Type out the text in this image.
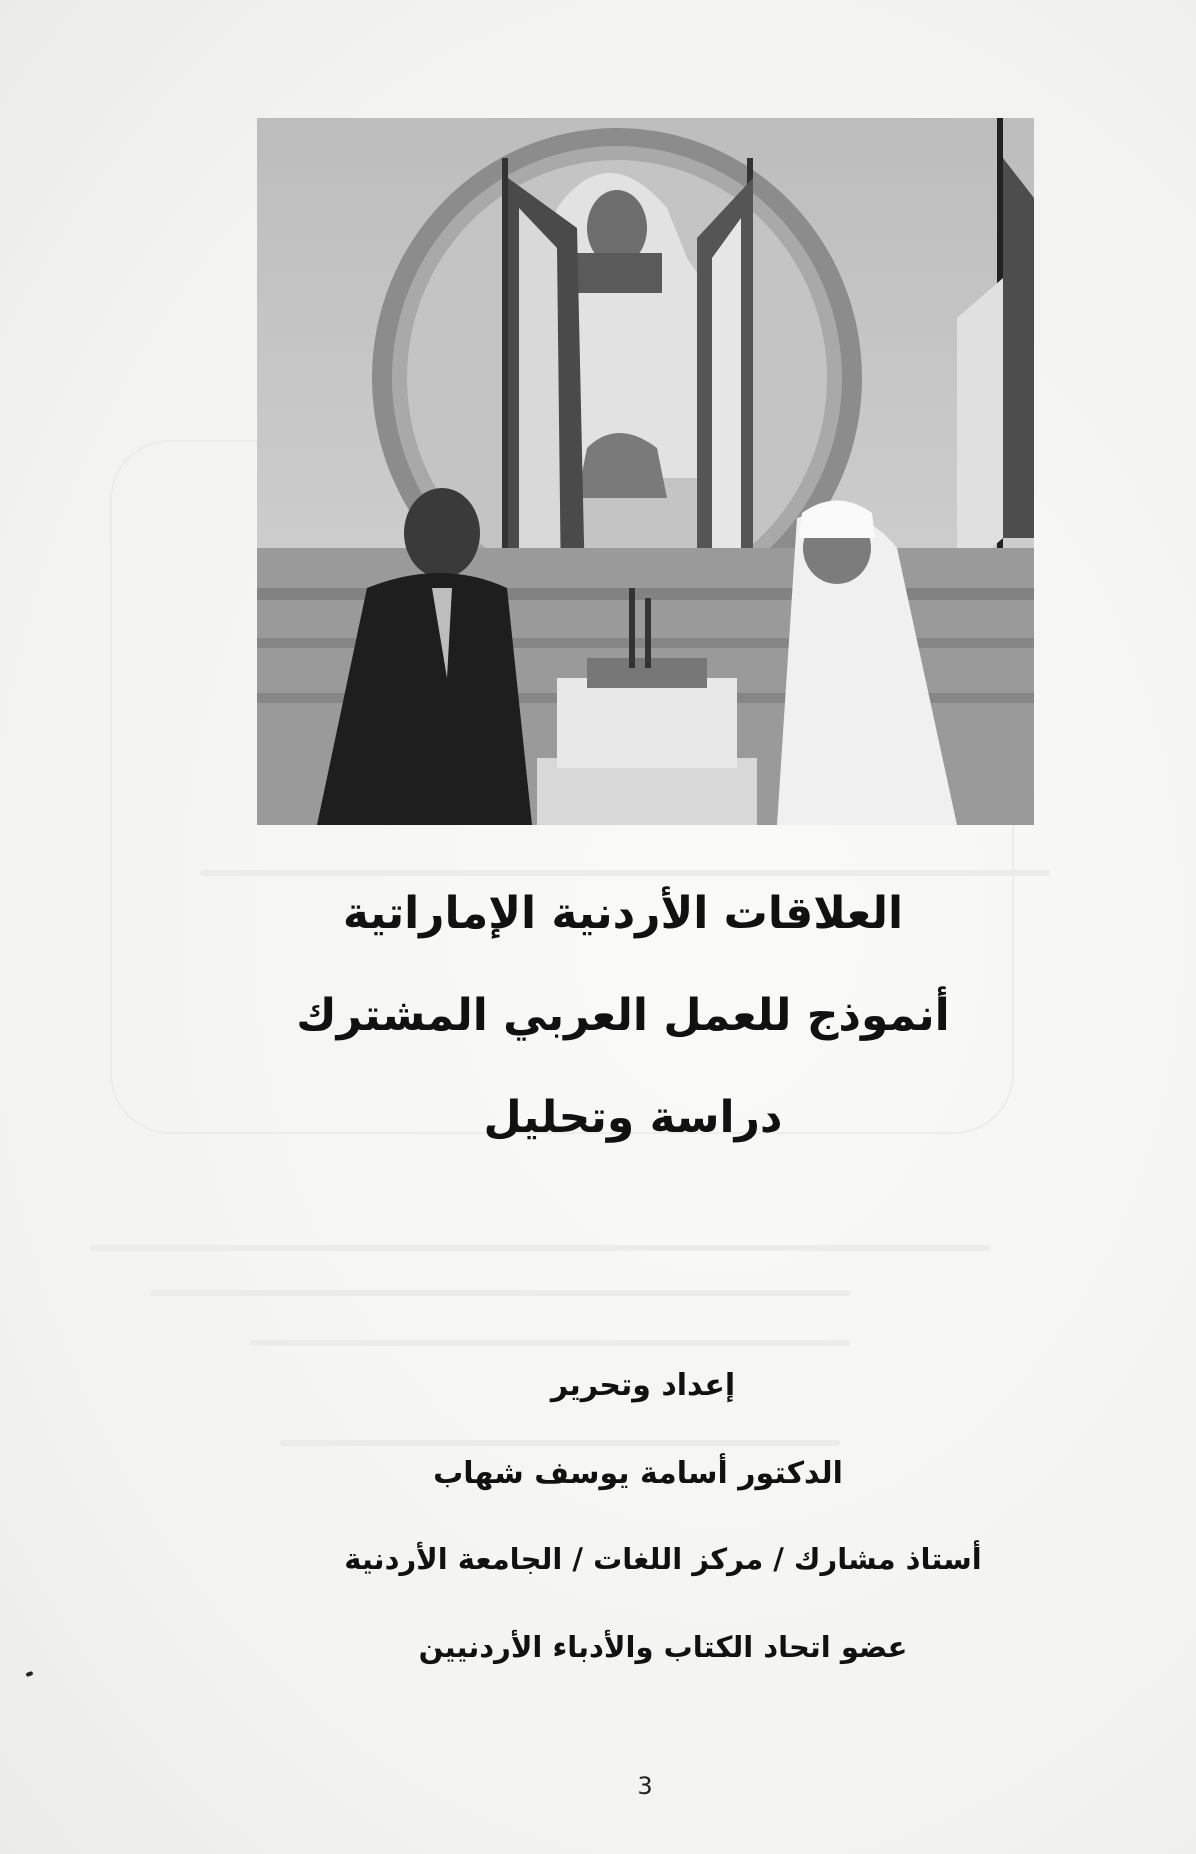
العلاقات الأردنية الإماراتية
أنموذج للعمل العربي المشترك
دراسة وتحليل
إعداد وتحرير
الدكتور أسامة يوسف شهاب
أستاذ مشارك / مركز اللغات / الجامعة الأردنية
عضو اتحاد الكتاب والأدباء الأردنيين
3
